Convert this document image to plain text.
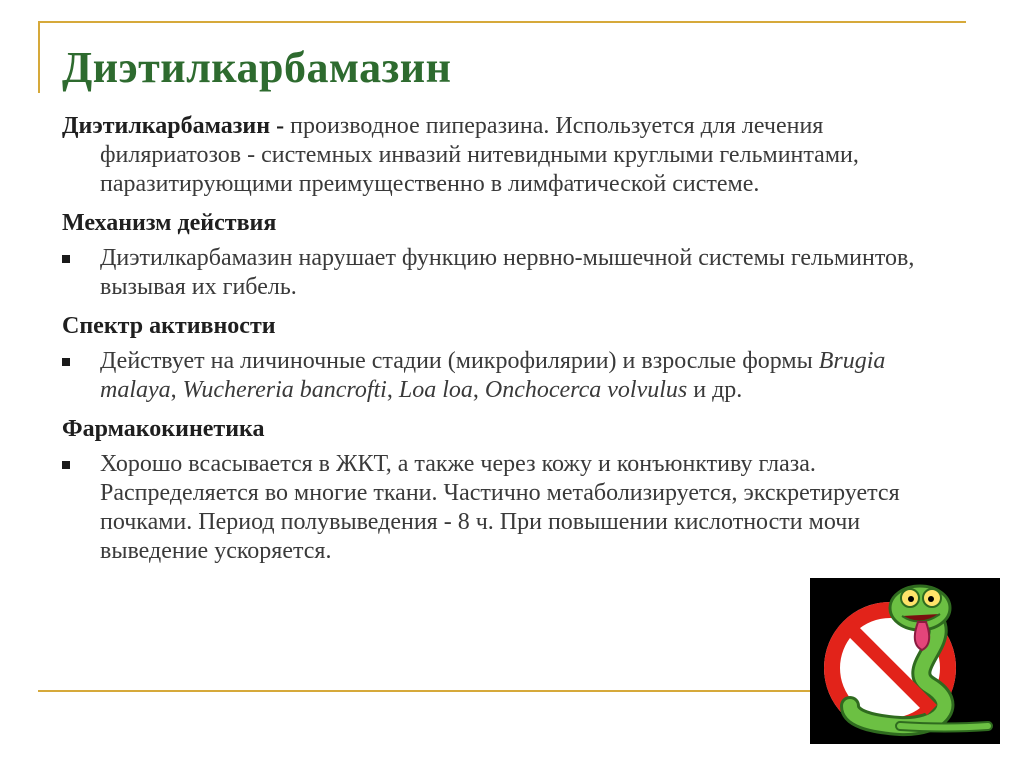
Диэтилкарбамазин

Диэтилкарбамазин - производное пиперазина. Используется для лечения филяриатозов - системных инвазий нитевидными круглыми гельминтами, паразитирующими преимущественно в лимфатической системе.

Механизм действия
Диэтилкарбамазин нарушает функцию нервно-мышечной системы гельминтов, вызывая их гибель.
Спектр активности
Действует на личиночные стадии (микрофилярии) и взрослые формы Brugia malaya, Wuchereria bancrofti, Loa loa, Onchocerca volvulus и др.
Фармакокинетика
Хорошо всасывается в ЖКТ, а также через кожу и конъюнктиву глаза. Распределяется во многие ткани. Частично метаболизируется, экскретируется почками. Период полувыведения - 8 ч. При повышении кислотности мочи выведение ускоряется.
